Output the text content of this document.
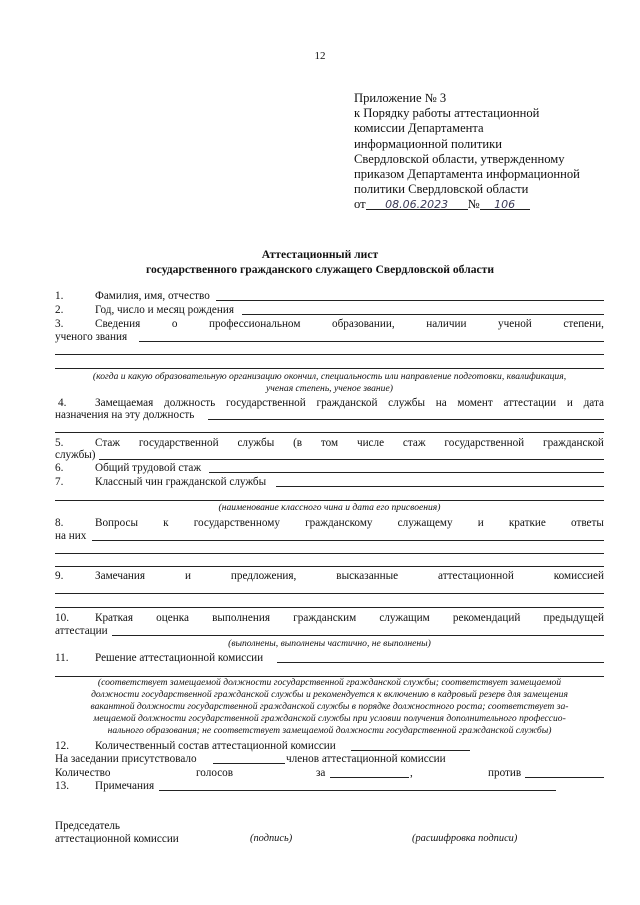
12
Приложение № 3
к Порядку работы аттестационной
комиссии Департамента
информационной политики
Свердловской области, утвержденному
приказом Департамента информационной
политики Свердловской области
от 08.06.2023 № 106
Аттестационный лист
государственного гражданского служащего Свердловской области
1.	Фамилия, имя, отчество
2.	Год, число и месяц рождения
3.	Сведения	о	профессиональном	образовании,	наличии	ученой	степени,
ученого звания
(когда и какую образовательную организацию окончил, специальность или направление подготовки, квалификация,
ученая степень, ученое звание)
4.	Замещаемая должность государственной гражданской службы на момент аттестации и дата
назначения на эту должность
5.	Стаж государственной службы (в том числе стаж государственной гражданской
службы)
6.	Общий трудовой стаж
7.	Классный чин гражданской службы
(наименование классного чина и дата его присвоения)
8.	Вопросы к государственному гражданскому служащему и краткие ответы
на них
9.	Замечания	и	предложения,	высказанные	аттестационной	комиссией
10. Краткая оценка выполнения гражданским служащим рекомендаций предыдущей
аттестации
(выполнены, выполнены частично, не выполнены)
11. Решение аттестационной комиссии
(соответствует замещаемой должности государственной гражданской службы; соответствует замещаемой
должности государственной гражданской службы и рекомендуется к включению в кадровый резерв для замещения
вакантной должности государственной гражданской службы в порядке должностного роста; соответствует за-
мещаемой должности государственной гражданской службы при условии получения дополнительного профессио-
нального образования; не соответствует замещаемой должности государственной гражданской службы)
12. Количественный состав аттестационной комиссии
На заседании присутствовало	членов аттестационной комиссии
Количество	голосов	за	,	против
13. Примечания
Председатель
аттестационной комиссии	(подпись)	(расшифровка подписи)
